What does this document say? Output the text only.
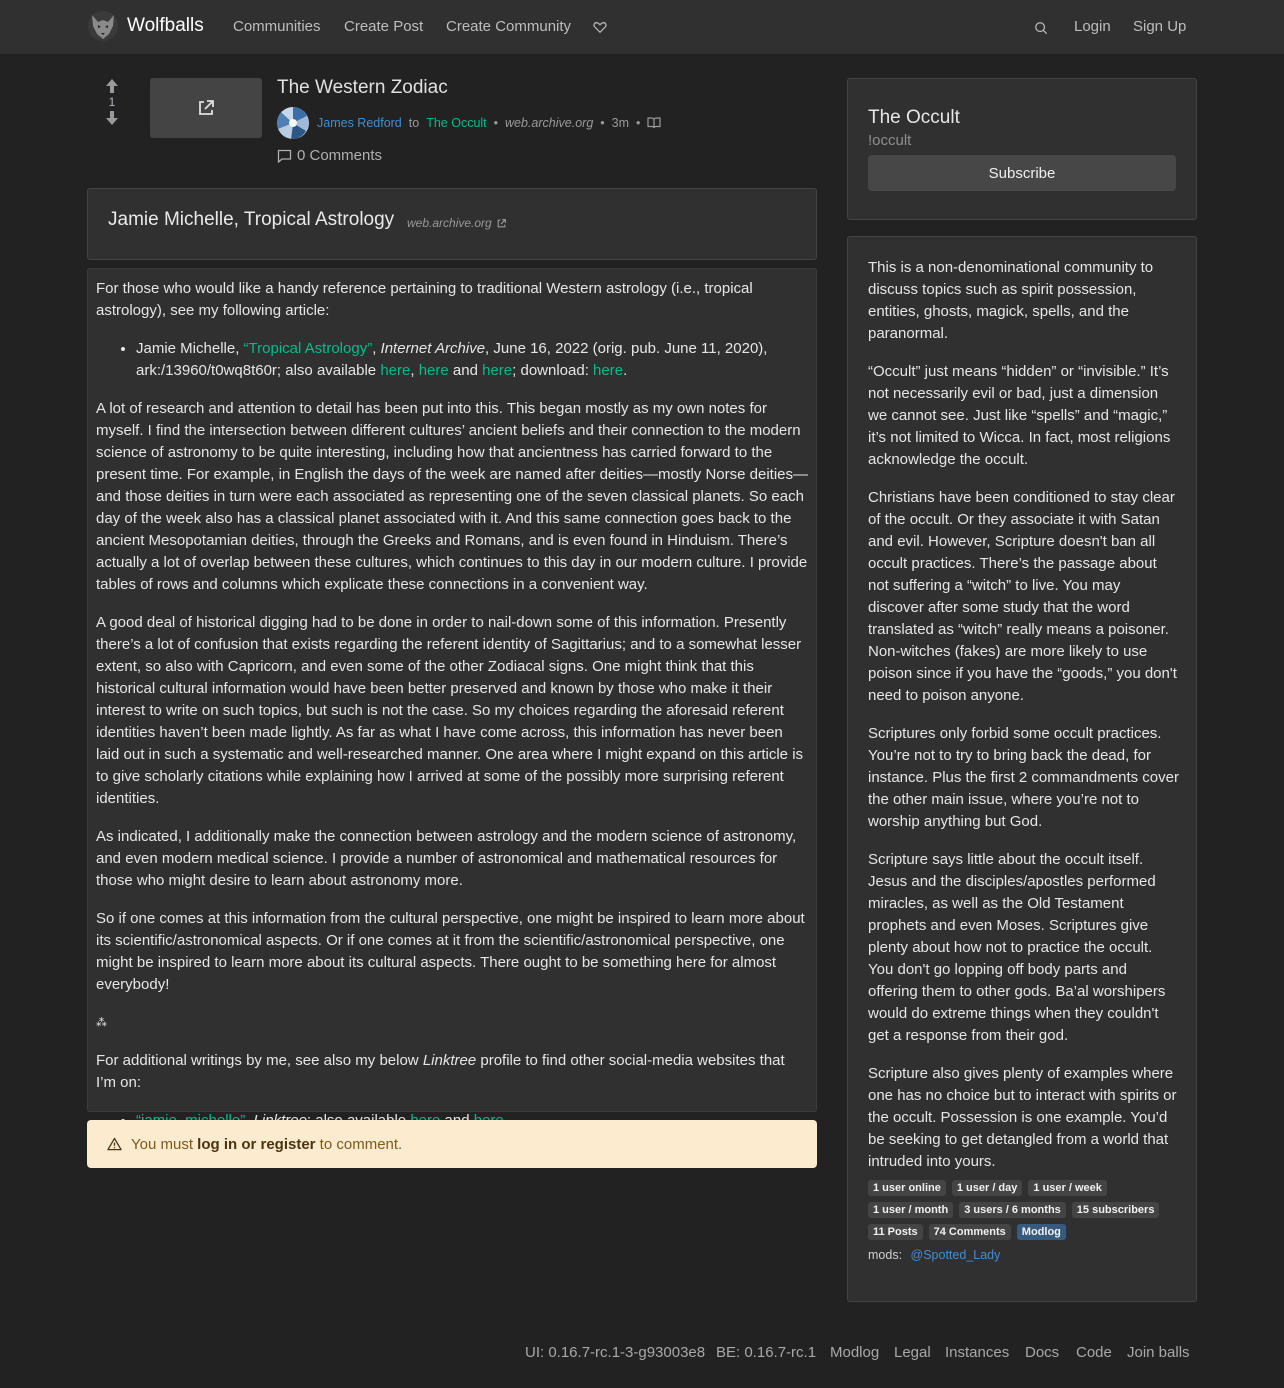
Wolfballs Communities Create Post Create Community	Login Sign Up
1
The Western Zodiac
James Redford to The Occult • web.archive.org • 3m •
0 Comments
Jamie Michelle, Tropical Astrology web.archive.org

For those who would like a handy reference pertaining to traditional Western astrology (i.e., tropical astrology), see my following article:

• Jamie Michelle, “Tropical Astrology”, Internet Archive, June 16, 2022 (orig. pub. June 11, 2020), ark:/13960/t0wq8t60r; also available here, here and here; download: here.

A lot of research and attention to detail has been put into this. This began mostly as my own notes for myself. I find the intersection between different cultures’ ancient beliefs and their connection to the modern science of astronomy to be quite interesting, including how that ancientness has carried forward to the present time. For example, in English the days of the week are named after deities—mostly Norse deities—and those deities in turn were each associated as representing one of the seven classical planets. So each day of the week also has a classical planet associated with it. And this same connection goes back to the ancient Mesopotamian deities, through the Greeks and Romans, and is even found in Hinduism. There’s actually a lot of overlap between these cultures, which continues to this day in our modern culture. I provide tables of rows and columns which explicate these connections in a convenient way.

A good deal of historical digging had to be done in order to nail-down some of this information. Presently there’s a lot of confusion that exists regarding the referent identity of Sagittarius; and to a somewhat lesser extent, so also with Capricorn, and even some of the other Zodiacal signs. One might think that this historical cultural information would have been better preserved and known by those who make it their interest to write on such topics, but such is not the case. So my choices regarding the aforesaid referent identities haven’t been made lightly. As far as what I have come across, this information has never been laid out in such a systematic and well-researched manner. One area where I might expand on this article is to give scholarly citations while explaining how I arrived at some of the possibly more surprising referent identities.

As indicated, I additionally make the connection between astrology and the modern science of astronomy, and even modern medical science. I provide a number of astronomical and mathematical resources for those who might desire to learn about astronomy more.

So if one comes at this information from the cultural perspective, one might be inspired to learn more about its scientific/astronomical aspects. Or if one comes at it from the scientific/astronomical perspective, one might be inspired to learn more about its cultural aspects. There ought to be something here for almost everybody!

⁂

For additional writings by me, see also my below Linktree profile to find other social-media websites that I’m on:

•
You must log in or register to comment.
The Occult
!occult
Subscribe

This is a non-denominational community to discuss topics such as spirit possession, entities, ghosts, magick, spells, and the paranormal.

“Occult” just means “hidden” or “invisible.” It’s not necessarily evil or bad, just a dimension we cannot see. Just like “spells” and “magic,” it’s not limited to Wicca. In fact, most religions acknowledge the occult.

Christians have been conditioned to stay clear of the occult. Or they associate it with Satan and evil. However, Scripture doesn't ban all occult practices. There’s the passage about not suffering a “witch” to live. You may discover after some study that the word translated as “witch” really means a poisoner. Non-witches (fakes) are more likely to use poison since if you have the “goods,” you don't need to poison anyone.

Scriptures only forbid some occult practices. You’re not to try to bring back the dead, for instance. Plus the first 2 commandments cover the other main issue, where you’re not to worship anything but God.

Scripture says little about the occult itself. Jesus and the disciples/apostles performed miracles, as well as the Old Testament prophets and even Moses. Scriptures give plenty about how not to practice the occult. You don't go lopping off body parts and offering them to other gods. Ba’al worshipers would do extreme things when they couldn't get a response from their god.

Scripture also gives plenty of examples where one has no choice but to interact with spirits or the occult. Possession is one example. You’d be seeking to get detangled from a world that intruded into yours.

1 user online	1 user / day	1 user / week
1 user / month	3 users / 6 months	15 subscribers
11 Posts	74 Comments	Modlog
mods: @Spotted_Lady
UI: 0.16.7-rc.1-3-g93003e8 BE: 0.16.7-rc.1 Modlog Legal Instances Docs Code Join balls
